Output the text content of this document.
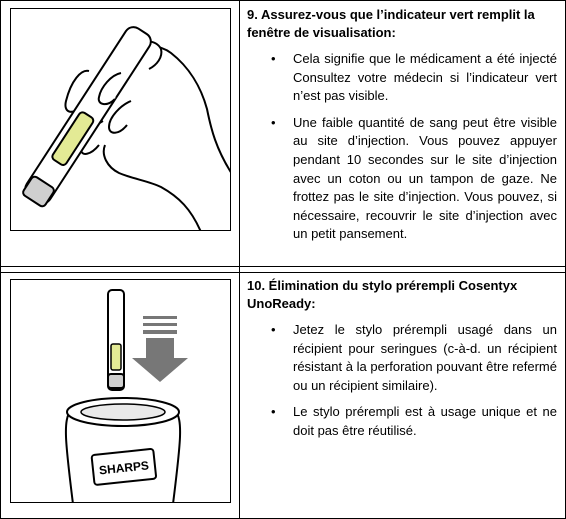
9. Assurez-vous que l’indicateur vert remplit la fenêtre de visualisation:

• Cela signifie que le médicament a été injecté Consultez votre médecin si l’indicateur vert n’est pas visible.
• Une faible quantité de sang peut être visible au site d’injection. Vous pouvez appuyer pendant 10 secondes sur le site d’injection avec un coton ou un tampon de gaze. Ne frottez pas le site d’injection. Vous pouvez, si nécessaire, recouvrir le site d’injection avec un petit pansement.
SHARPS

10. Élimination du stylo prérempli Cosentyx UnoReady:

• Jetez le stylo prérempli usagé dans un récipient pour seringues (c-à-d. un récipient résistant à la perforation pouvant être refermé ou un récipient similaire).
• Le stylo prérempli est à usage unique et ne doit pas être réutilisé.
